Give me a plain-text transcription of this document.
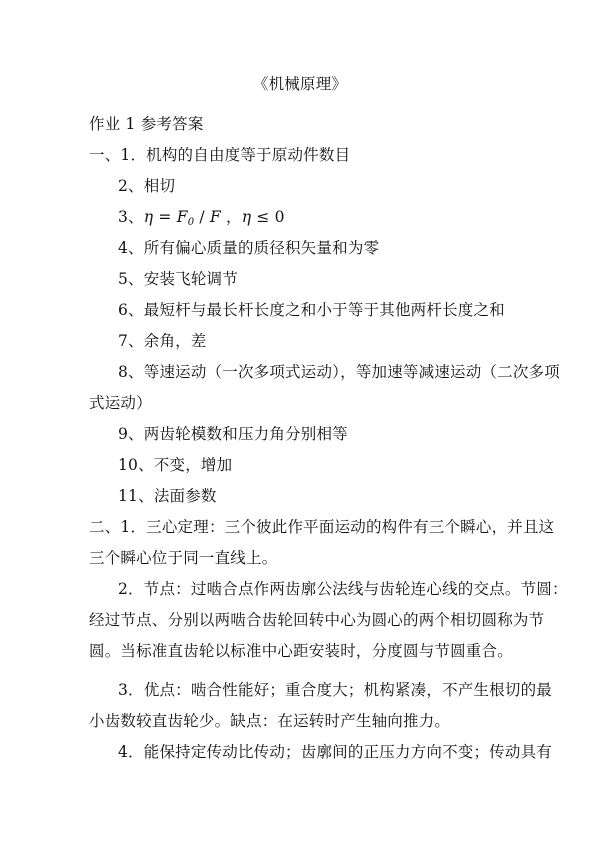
《机械原理》
作业 1 参考答案
一、1．机构的自由度等于原动件数目
2、相切
3、$\eta = F_0 / F$ ，η ≤ 0
4、所有偏心质量的质径积矢量和为零
5、安装飞轮调节
6、最短杆与最长杆长度之和小于等于其他两杆长度之和
7、余角，差
8、等速运动（一次多项式运动），等加速等减速运动（二次多项
式运动）
9、两齿轮模数和压力角分别相等
10、不变，增加
11、法面参数
二、1．三心定理：三个彼此作平面运动的构件有三个瞬心，并且这
三个瞬心位于同一直线上。
2．节点：过啮合点作两齿廓公法线与齿轮连心线的交点。节圆：
经过节点、分别以两啮合齿轮回转中心为圆心的两个相切圆称为节
圆。当标准直齿轮以标准中心距安装时，分度圆与节圆重合。
3．优点：啮合性能好；重合度大；机构紧凑，不产生根切的最
小齿数较直齿轮少。缺点：在运转时产生轴向推力。
4．能保持定传动比传动；齿廓间的正压力方向不变；传动具有
